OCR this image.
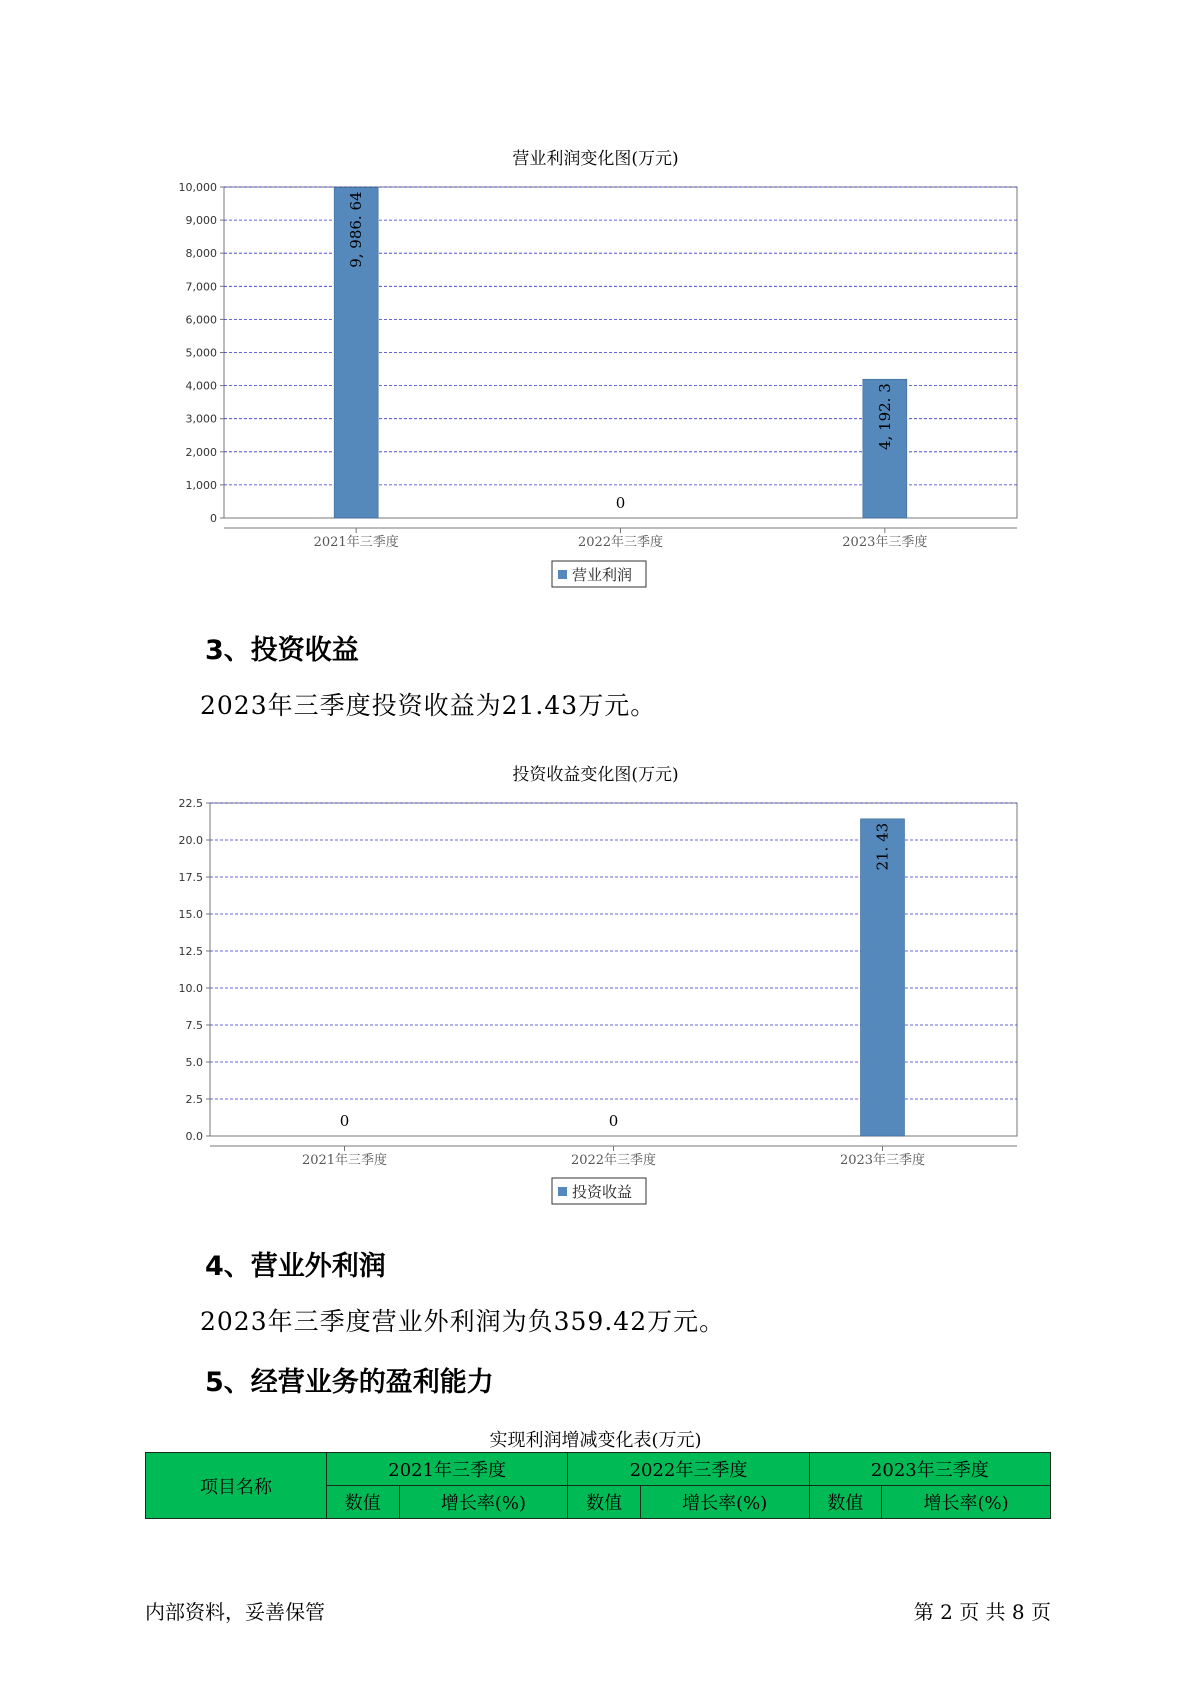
营业利润变化图(万元)
0
1,000
2,000
3,000
4,000
5,000
6,000
7,000
8,000
9,000
10,000
2021年三季度
9, 986. 64
2022年三季度
0
2023年三季度
4, 192. 3
营业利润
3、投资收益
2023年三季度投资收益为21.43万元。
投资收益变化图(万元)
0.0
2.5
5.0
7.5
10.0
12.5
15.0
17.5
20.0
22.5
2021年三季度
0
2022年三季度
0
2023年三季度
21. 43
投资收益
4、营业外利润
2023年三季度营业外利润为负359.42万元。
5、经营业务的盈利能力
实现利润增减变化表(万元)
项目名称	2021年三季度		2022年三季度		2023年三季度	
	数值	增长率(%)	数值	增长率(%)	数值	增长率(%)
内部资料，妥善保管	第 2 页 共 8 页
